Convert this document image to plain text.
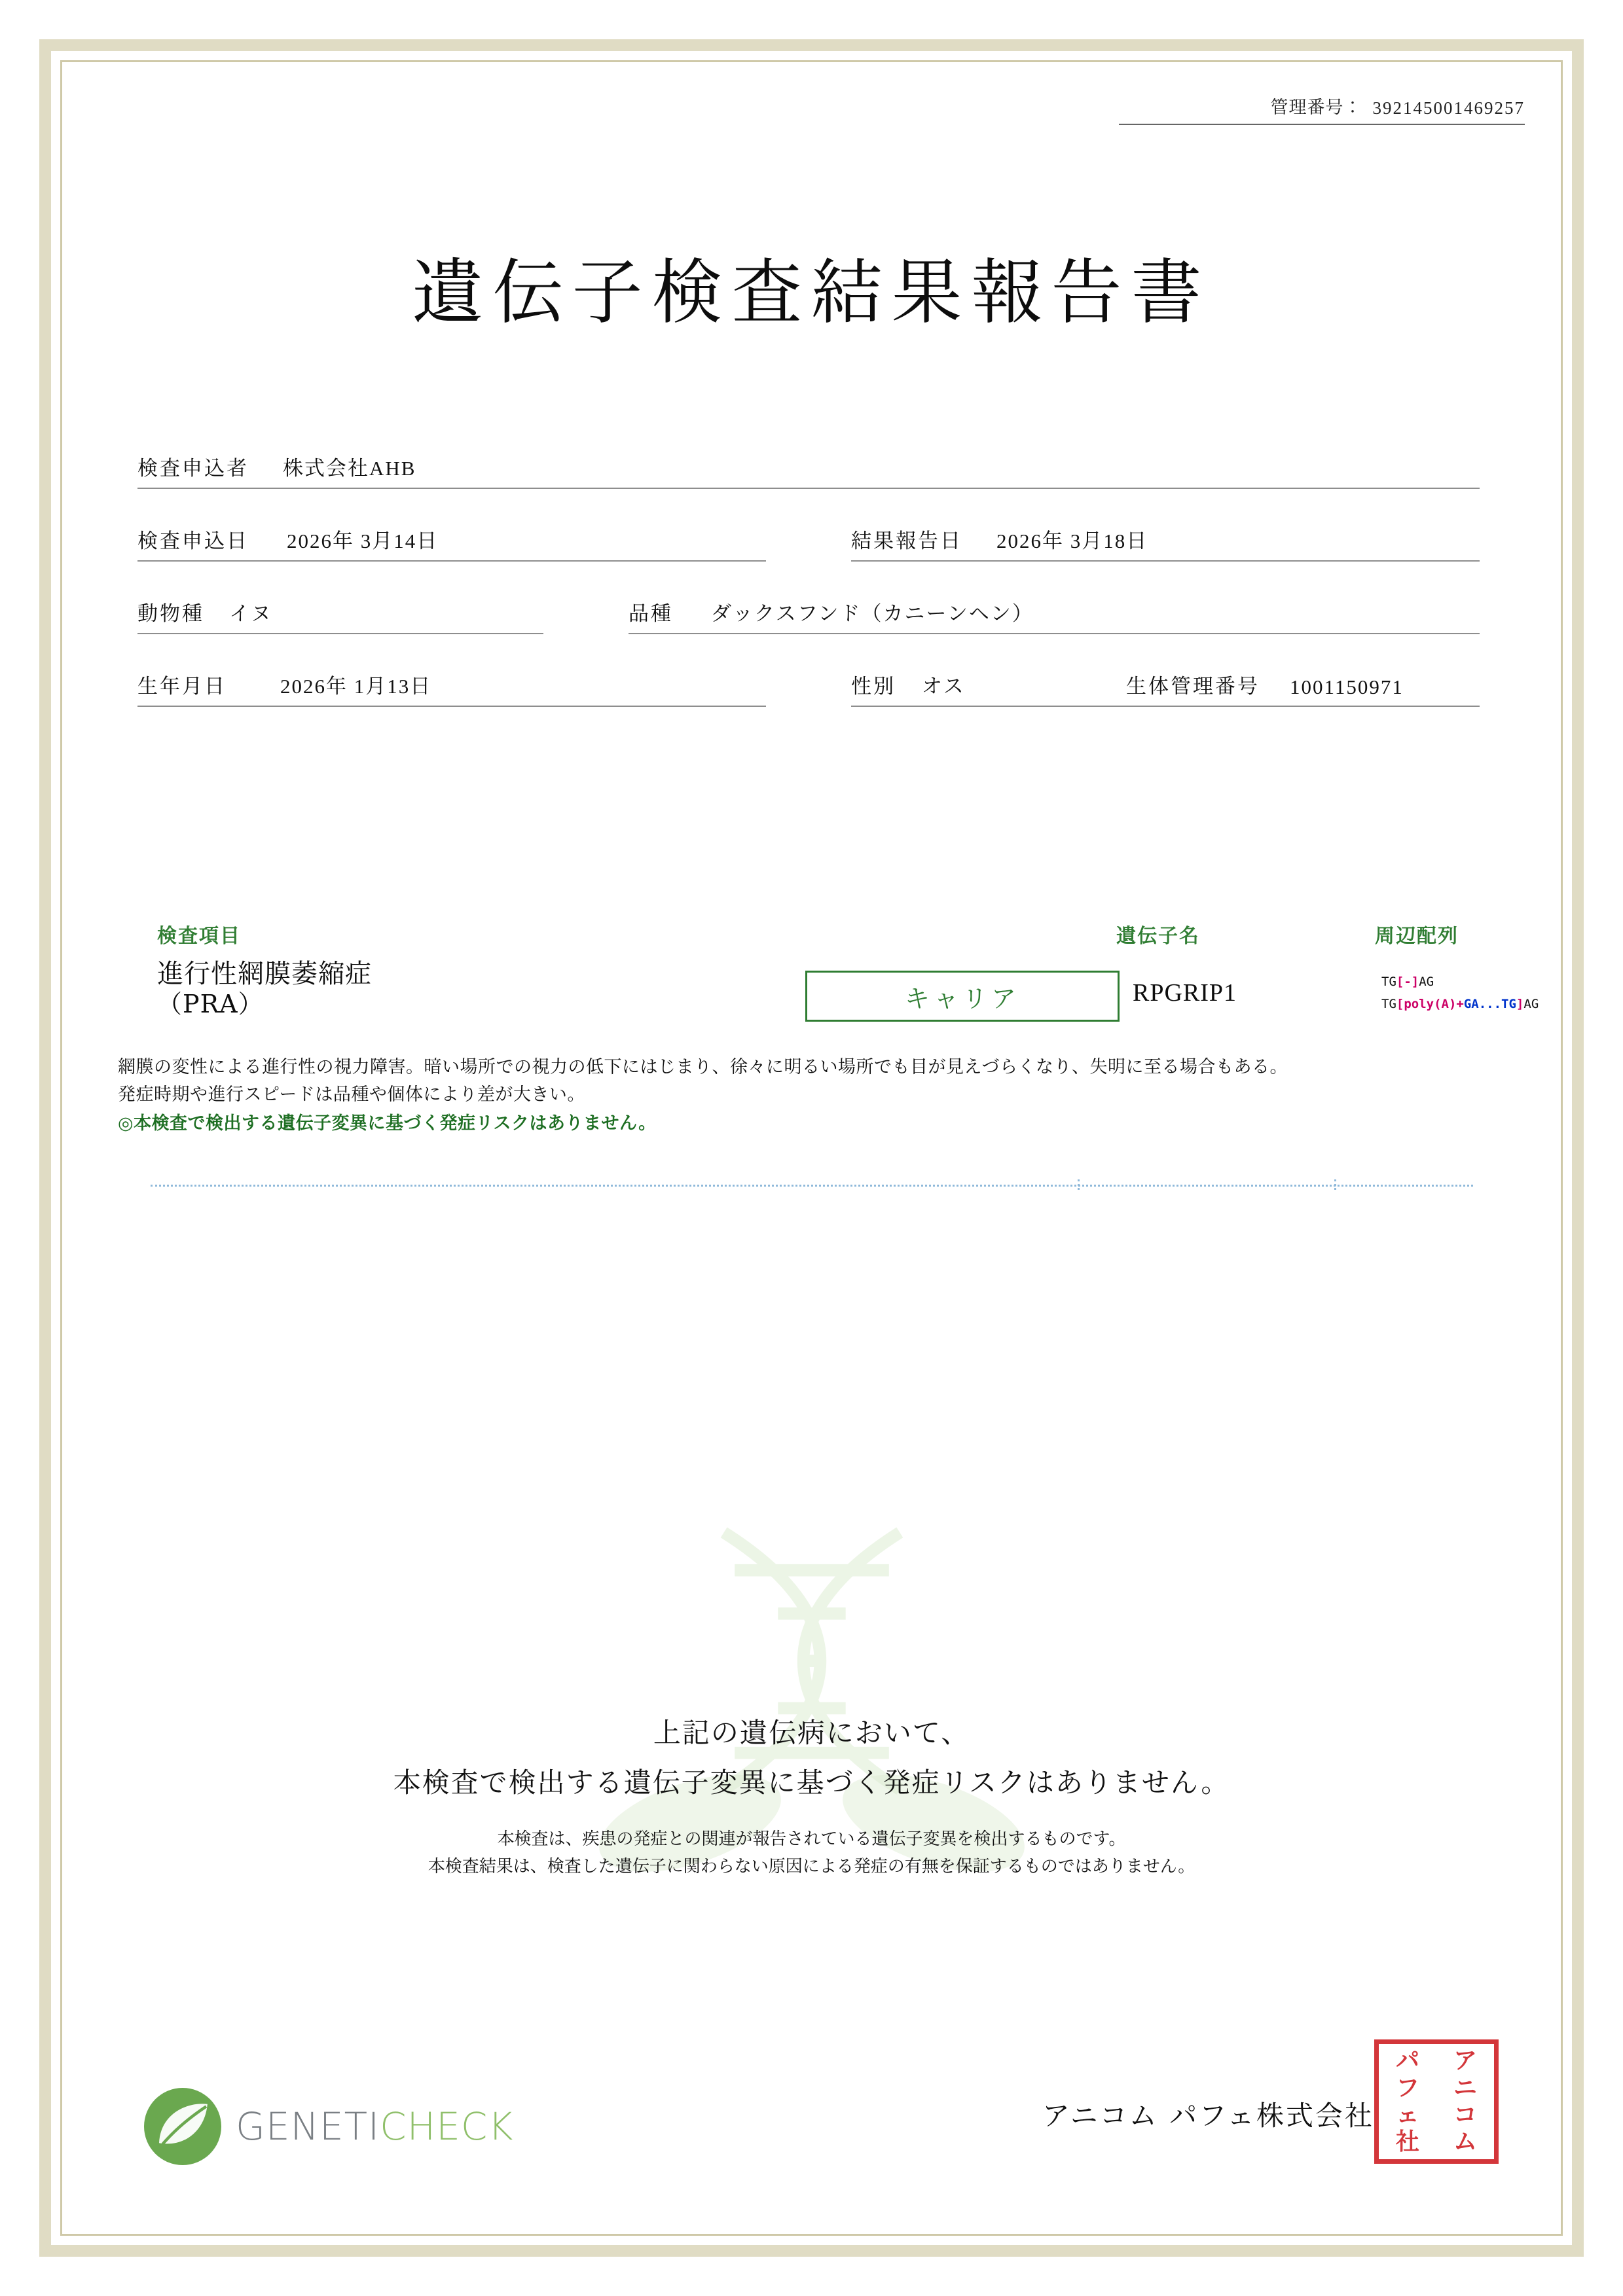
管理番号： 392145001469257
遺伝子検査結果報告書
検査申込者 株式会社AHB
検査申込日 2026年 3月14日	結果報告日 2026年 3月18日
動物種 イヌ	品種 ダックスフンド（カニーンヘン）
生年月日	2026年 1月13日	性別 オス	生体管理番号 1001150971
検査項目	遺伝子名	周辺配列
進行性網膜萎縮症
（PRA）	キャリア	RPGRIP1	TG[-]AG
TG[poly(A)+GA...TG]AG
網膜の変性による進行性の視力障害。暗い場所での視力の低下にはじまり、徐々に明るい場所でも目が見えづらくなり、失明に至る場合もある。
発症時期や進行スピードは品種や個体により差が大きい。
◎本検査で検出する遺伝子変異に基づく発症リスクはありません。
上記の遺伝病において、
本検査で検出する遺伝子変異に基づく発症リスクはありません。
本検査は、疾患の発症との関連が報告されている遺伝子変異を検出するものです。
本検査結果は、検査した遺伝子に関わらない原因による発症の有無を保証するものではありません。
GENETICHECK	アニコム パフェ株式会社
パ
フ
ェ
社
ア
ニ
コ
ム
